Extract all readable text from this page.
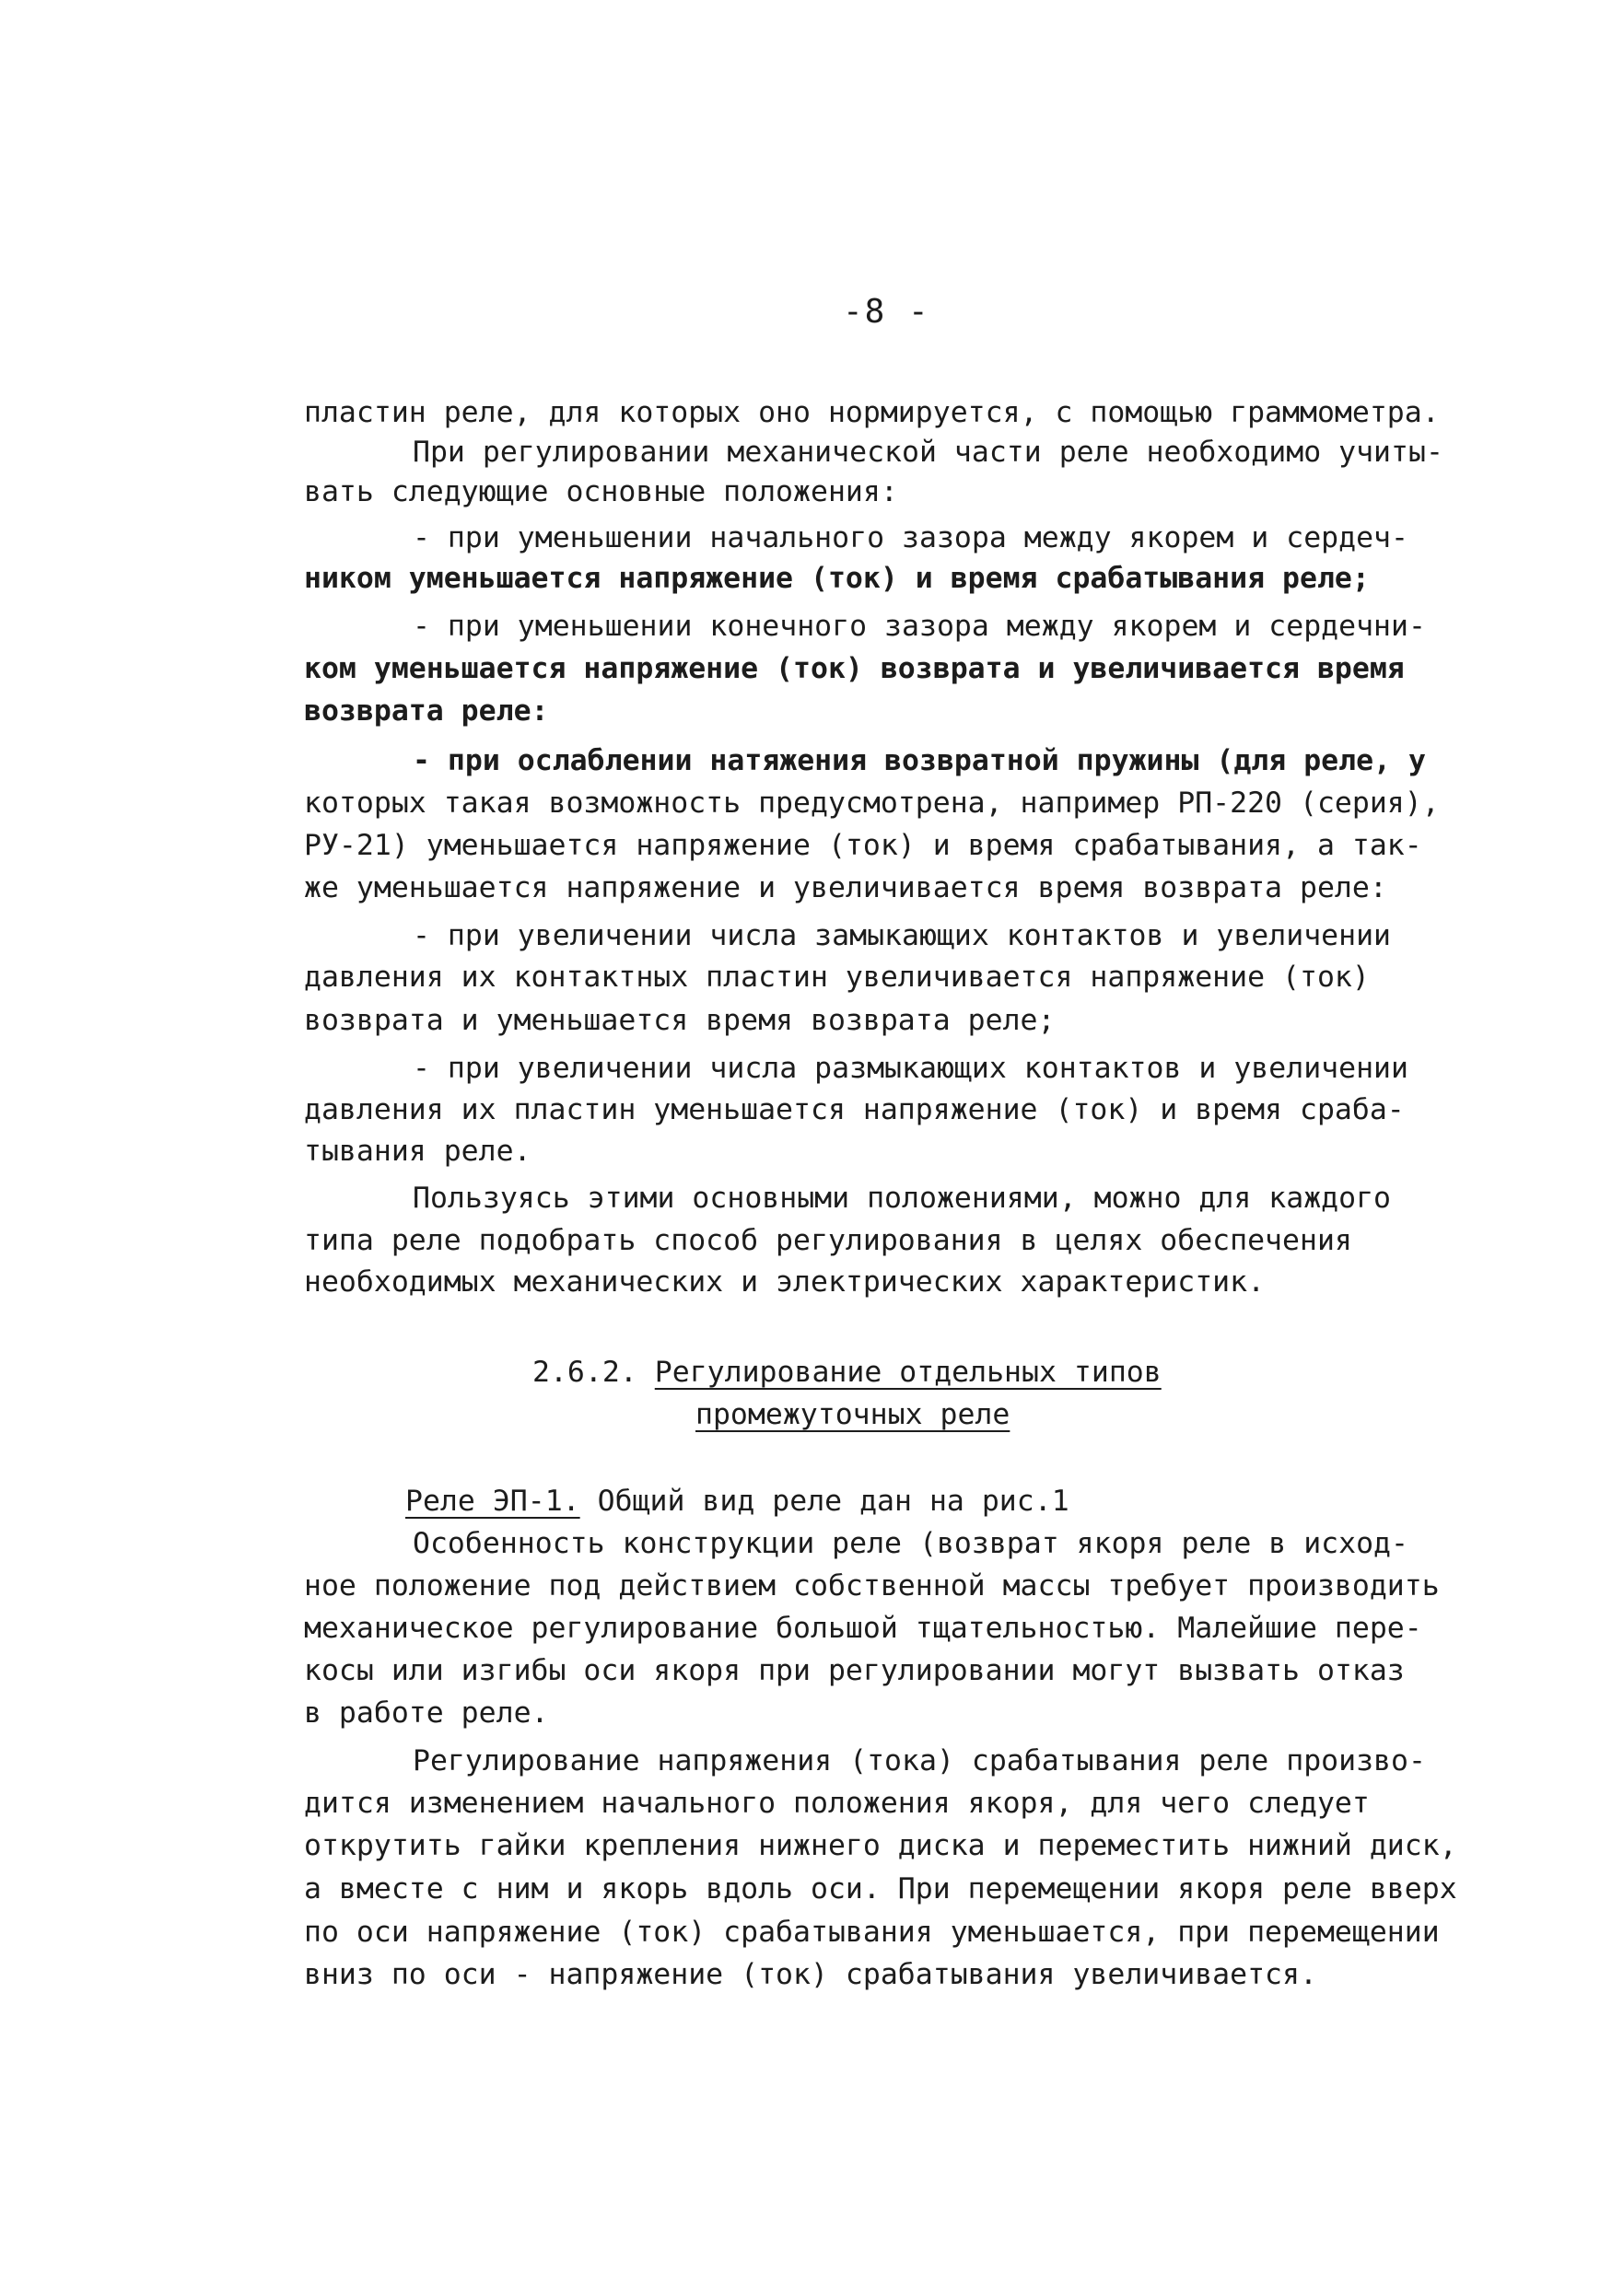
-8 -
пластин реле, для которых оно нормируется, с помощью граммометра.
При регулировании механической части реле необходимо учиты-
вать следующие основные положения:
- при уменьшении начального зазора между якорем и сердеч-
ником уменьшается напряжение (ток) и время срабатывания реле;
- при уменьшении конечного зазора между якорем и сердечни-
ком уменьшается напряжение (ток) возврата и увеличивается время
возврата реле:
- при ослаблении натяжения возвратной пружины (для реле, у
которых такая возможность предусмотрена, например РП-220 (серия),
РУ-21) уменьшается напряжение (ток) и время срабатывания, а так-
же уменьшается напряжение и увеличивается время возврата реле:
- при увеличении числа замыкающих контактов и увеличении
давления их контактных пластин увеличивается напряжение (ток)
возврата и уменьшается время возврата реле;
- при увеличении числа размыкающих контактов и увеличении
давления их пластин уменьшается напряжение (ток) и время сраба-
тывания реле.
Пользуясь этими основными положениями, можно для каждого
типа реле подобрать способ регулирования в целях обеспечения
необходимых механических и электрических характеристик.
2.6.2. Регулирование отдельных типов
промежуточных реле
Реле ЭП-1. Общий вид реле дан на рис.1
Особенность конструкции реле (возврат якоря реле в исход-
ное положение под действием собственной массы требует производить
механическое регулирование большой тщательностью. Малейшие пере-
косы или изгибы оси якоря при регулировании могут вызвать отказ
в работе реле.
Регулирование напряжения (тока) срабатывания реле произво-
дится изменением начального положения якоря, для чего следует
открутить гайки крепления нижнего диска и переместить нижний диск,
а вместе с ним и якорь вдоль оси. При перемещении якоря реле вверх
по оси напряжение (ток) срабатывания уменьшается, при перемещении
вниз по оси - напряжение (ток) срабатывания увеличивается.
